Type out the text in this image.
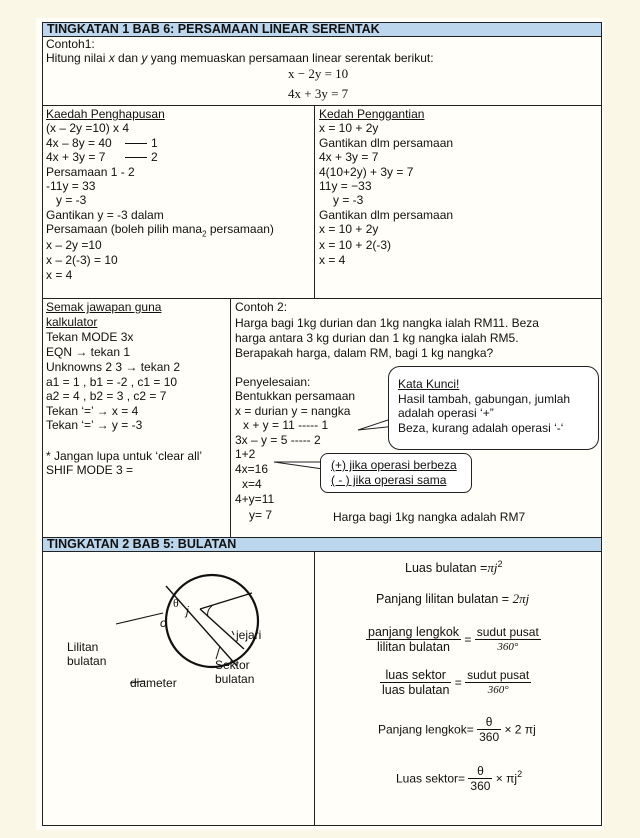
TINGKATAN 1 BAB 6: PERSAMAAN LINEAR SERENTAK
Contoh1:
Hitung nilai x dan y yang memuaskan persamaan linear serentak berikut:
x − 2y = 10
4x + 3y = 7
Kaedah Penghapusan
(x – 2y =10) x 4
4x – 8y = 40	1
4x + 3y = 7	2
Persamaan 1 - 2
-11y = 33
y = -3
Gantikan y = -3 dalam
Persamaan (boleh pilih mana$_2$ persamaan)
x – 2y =10
x – 2(-3) = 10
x = 4
Kedah Penggantian
x = 10 + 2y
Gantikan dlm persamaan
4x + 3y = 7
4(10+2y) + 3y = 7
11y = −33
y = -3
Gantikan dlm persamaan
x = 10 + 2y
x = 10 + 2(-3)
x = 4
Semak jawapan guna
kalkulator
Tekan MODE 3x
EQN → tekan 1
Unknowns 2 3 → tekan 2
a1 = 1 , b1 = -2 , c1 = 10
a2 = 4 , b2 = 3 , c2 = 7
Tekan ‘=’ → x = 4
Tekan ‘=’ → y = -3
* Jangan lupa untuk ‘clear all’
SHIF MODE 3 =
Contoh 2:
Harga bagi 1kg durian dan 1kg nangka ialah RM11. Beza
harga antara 3 kg durian dan 1 kg nangka ialah RM5.
Berapakah harga, dalam RM, bagi 1 kg nangka?
Penyelesaian:
Bentukkan persamaan
x = durian y = nangka
x + y = 11 ----- 1
3x – y = 5 ----- 2
1+2
4x=16
x=4
4+y=11
y= 7	Harga bagi 1kg nangka adalah RM7
Kata Kunci!
Hasil tambah, gabungan, jumlah
adalah operasi ‘+”
Beza, kurang adalah operasi ‘-‘
(+) jika operasi berbeza
( - ) jika operasi sama
TINGKATAN 2 BAB 5: BULATAN
θ
j
o
Lilitan
bulatan
jejari
Sektor
bulatan
diameter
Luas bulatan $=\pi j^2$
Panjang lilitan bulatan = 2πj
$\frac{\text{panjang lengkok}}{\text{lilitan bulatan}} = \frac{\text{sudut pusat}}{360^\circ}$
$\frac{\text{luas sektor}}{\text{luas bulatan}} = \frac{\text{sudut pusat}}{360^\circ}$
Panjang lengkok= $\frac{\theta}{360} \times 2$ πj
Luas sektor= $\frac{\theta}{360} \times \pi j^2$
